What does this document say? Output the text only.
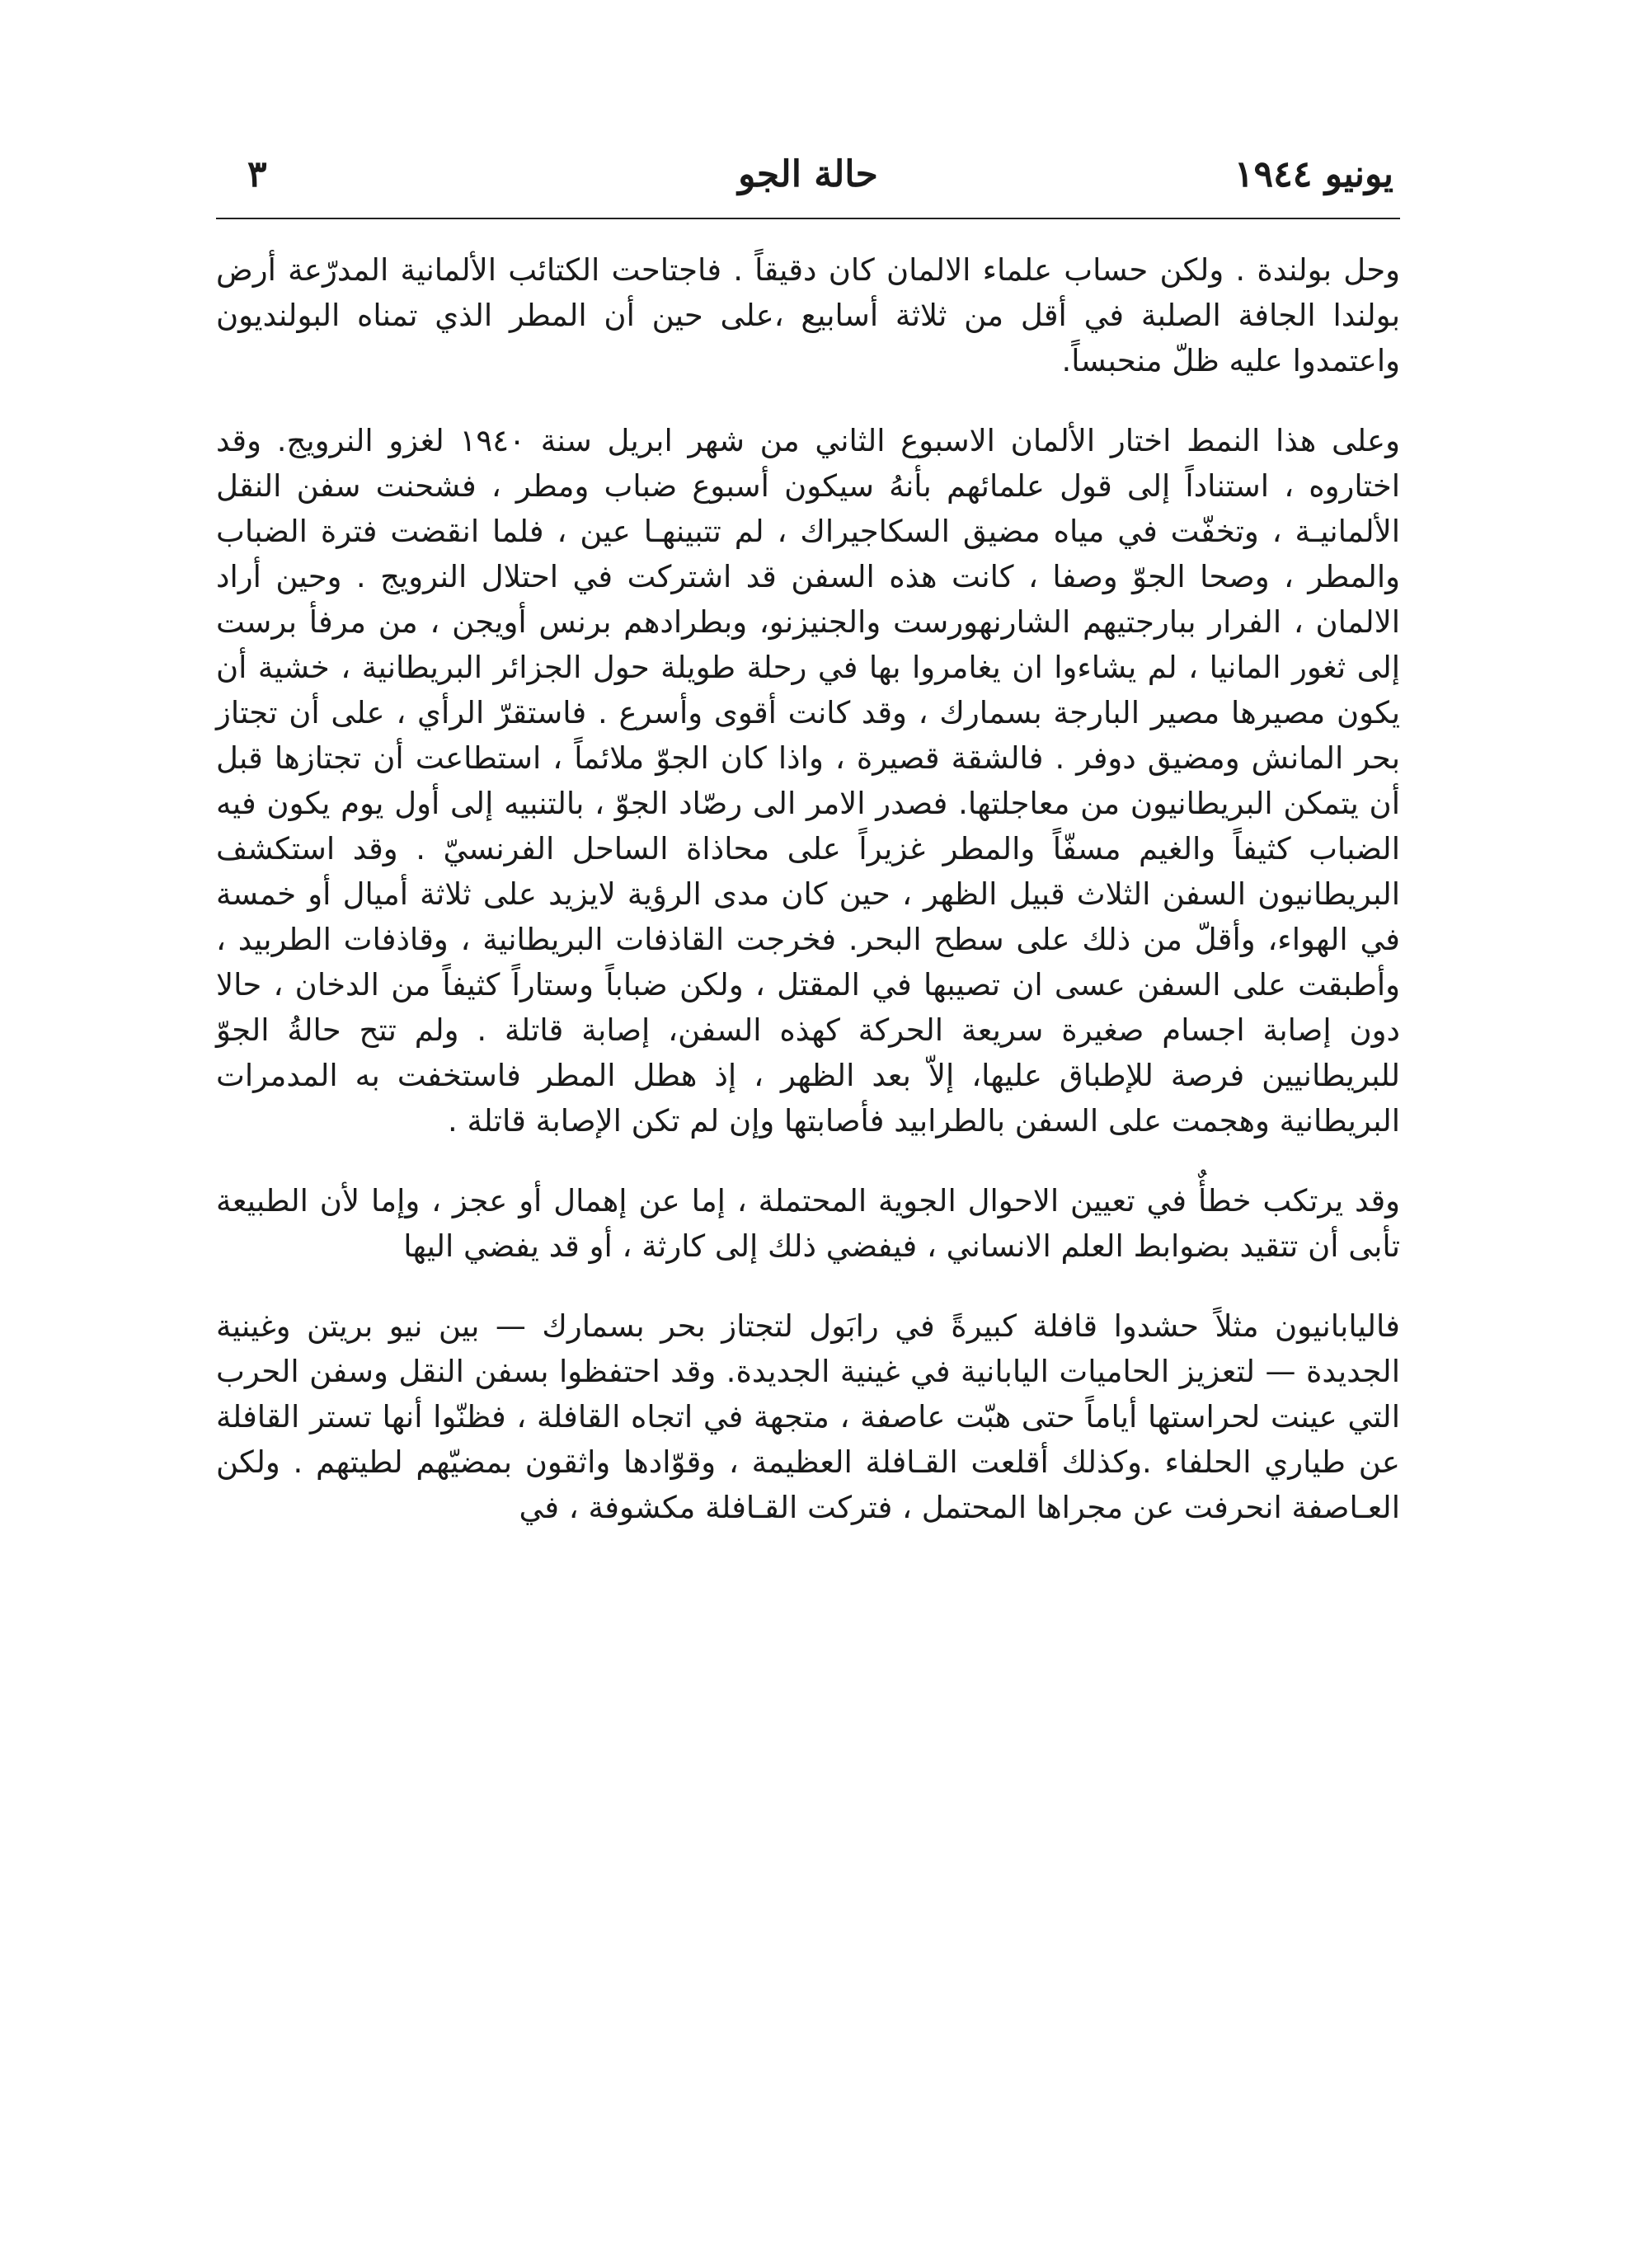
يونيو ١٩٤٤
حالة الجو
٣

وحل بولندة . ولكن حساب علماء الالمان كان دقيقاً . فاجتاحت الكتائب الألمانية المدرّعة أرض بولندا الجافة الصلبة في أقل من ثلاثة أسابيع ،على حين أن المطر الذي تمناه البولنديون واعتمدوا عليه ظلّ منحبساً.

وعلى هذا النمط اختار الألمان الاسبوع الثاني من شهر ابريل سنة ١٩٤٠ لغزو النرويج. وقد اختاروه ، استناداً إلى قول علمائهم بأنهُ سيكون أسبوع ضباب ومطر ، فشحنت سفن النقل الألمانيـة ، وتخفّت في مياه مضيق السكاجيراك ، لم تتبينهـا عين ، فلما انقضت فترة الضباب والمطر ، وصحا الجوّ وصفا ، كانت هذه السفن قد اشتركت في احتلال النرويج . وحين أراد الالمان ، الفرار ببارجتيهم الشارنهورست والجنيزنو، وبطرادهم برنس أويجن ، من مرفأ برست إلى ثغور المانيا ، لم يشاءوا ان يغامروا بها في رحلة طويلة حول الجزائر البريطانية ، خشية أن يكون مصيرها مصير البارجة بسمارك ، وقد كانت أقوى وأسرع . فاستقرّ الرأي ، على أن تجتاز بحر المانش ومضيق دوفر . فالشقة قصيرة ، واذا كان الجوّ ملائماً ، استطاعت أن تجتازها قبل أن يتمكن البريطانيون من معاجلتها. فصدر الامر الى رصّاد الجوّ ، بالتنبيه إلى أول يوم يكون فيه الضباب كثيفاً والغيم مسفّاً والمطر غزيراً على محاذاة الساحل الفرنسيّ . وقد استكشف البريطانيون السفن الثلاث قبيل الظهر ، حين كان مدى الرؤية لايزيد على ثلاثة أميال أو خمسة في الهواء، وأقلّ من ذلك على سطح البحر. فخرجت القاذفات البريطانية ، وقاذفات الطربيد ، وأطبقت على السفن عسى ان تصيبها في المقتل ، ولكن ضباباً وستاراً كثيفاً من الدخان ، حالا دون إصابة اجسام صغيرة سريعة الحركة كهذه السفن، إصابة قاتلة . ولم تتح حالةُ الجوّ للبريطانيين فرصة للإطباق عليها، إلاّ بعد الظهر ، إذ هطل المطر فاستخفت به المدمرات البريطانية وهجمت على السفن بالطرابيد فأصابتها وإن لم تكن الإصابة قاتلة .

وقد يرتكب خطأٌ في تعيين الاحوال الجوية المحتملة ، إما عن إهمال أو عجز ، وإما لأن الطبيعة تأبى أن تتقيد بضوابط العلم الانساني ، فيفضي ذلك إلى كارثة ، أو قد يفضي اليها

فاليابانيون مثلاً حشدوا قافلة كبيرةً في رابَول لتجتاز بحر بسمارك — بين نيو بريتن وغينية الجديدة — لتعزيز الحاميات اليابانية في غينية الجديدة. وقد احتفظوا بسفن النقل وسفن الحرب التي عينت لحراستها أياماً حتى هبّت عاصفة ، متجهة في اتجاه القافلة ، فظنّوا أنها تستر القافلة عن طياري الحلفاء .وكذلك أقلعت القـافلة العظيمة ، وقوّادها واثقون بمضيّهم لطيتهم . ولكن العـاصفة انحرفت عن مجراها المحتمل ، فتركت القـافلة مكشوفة ، في
